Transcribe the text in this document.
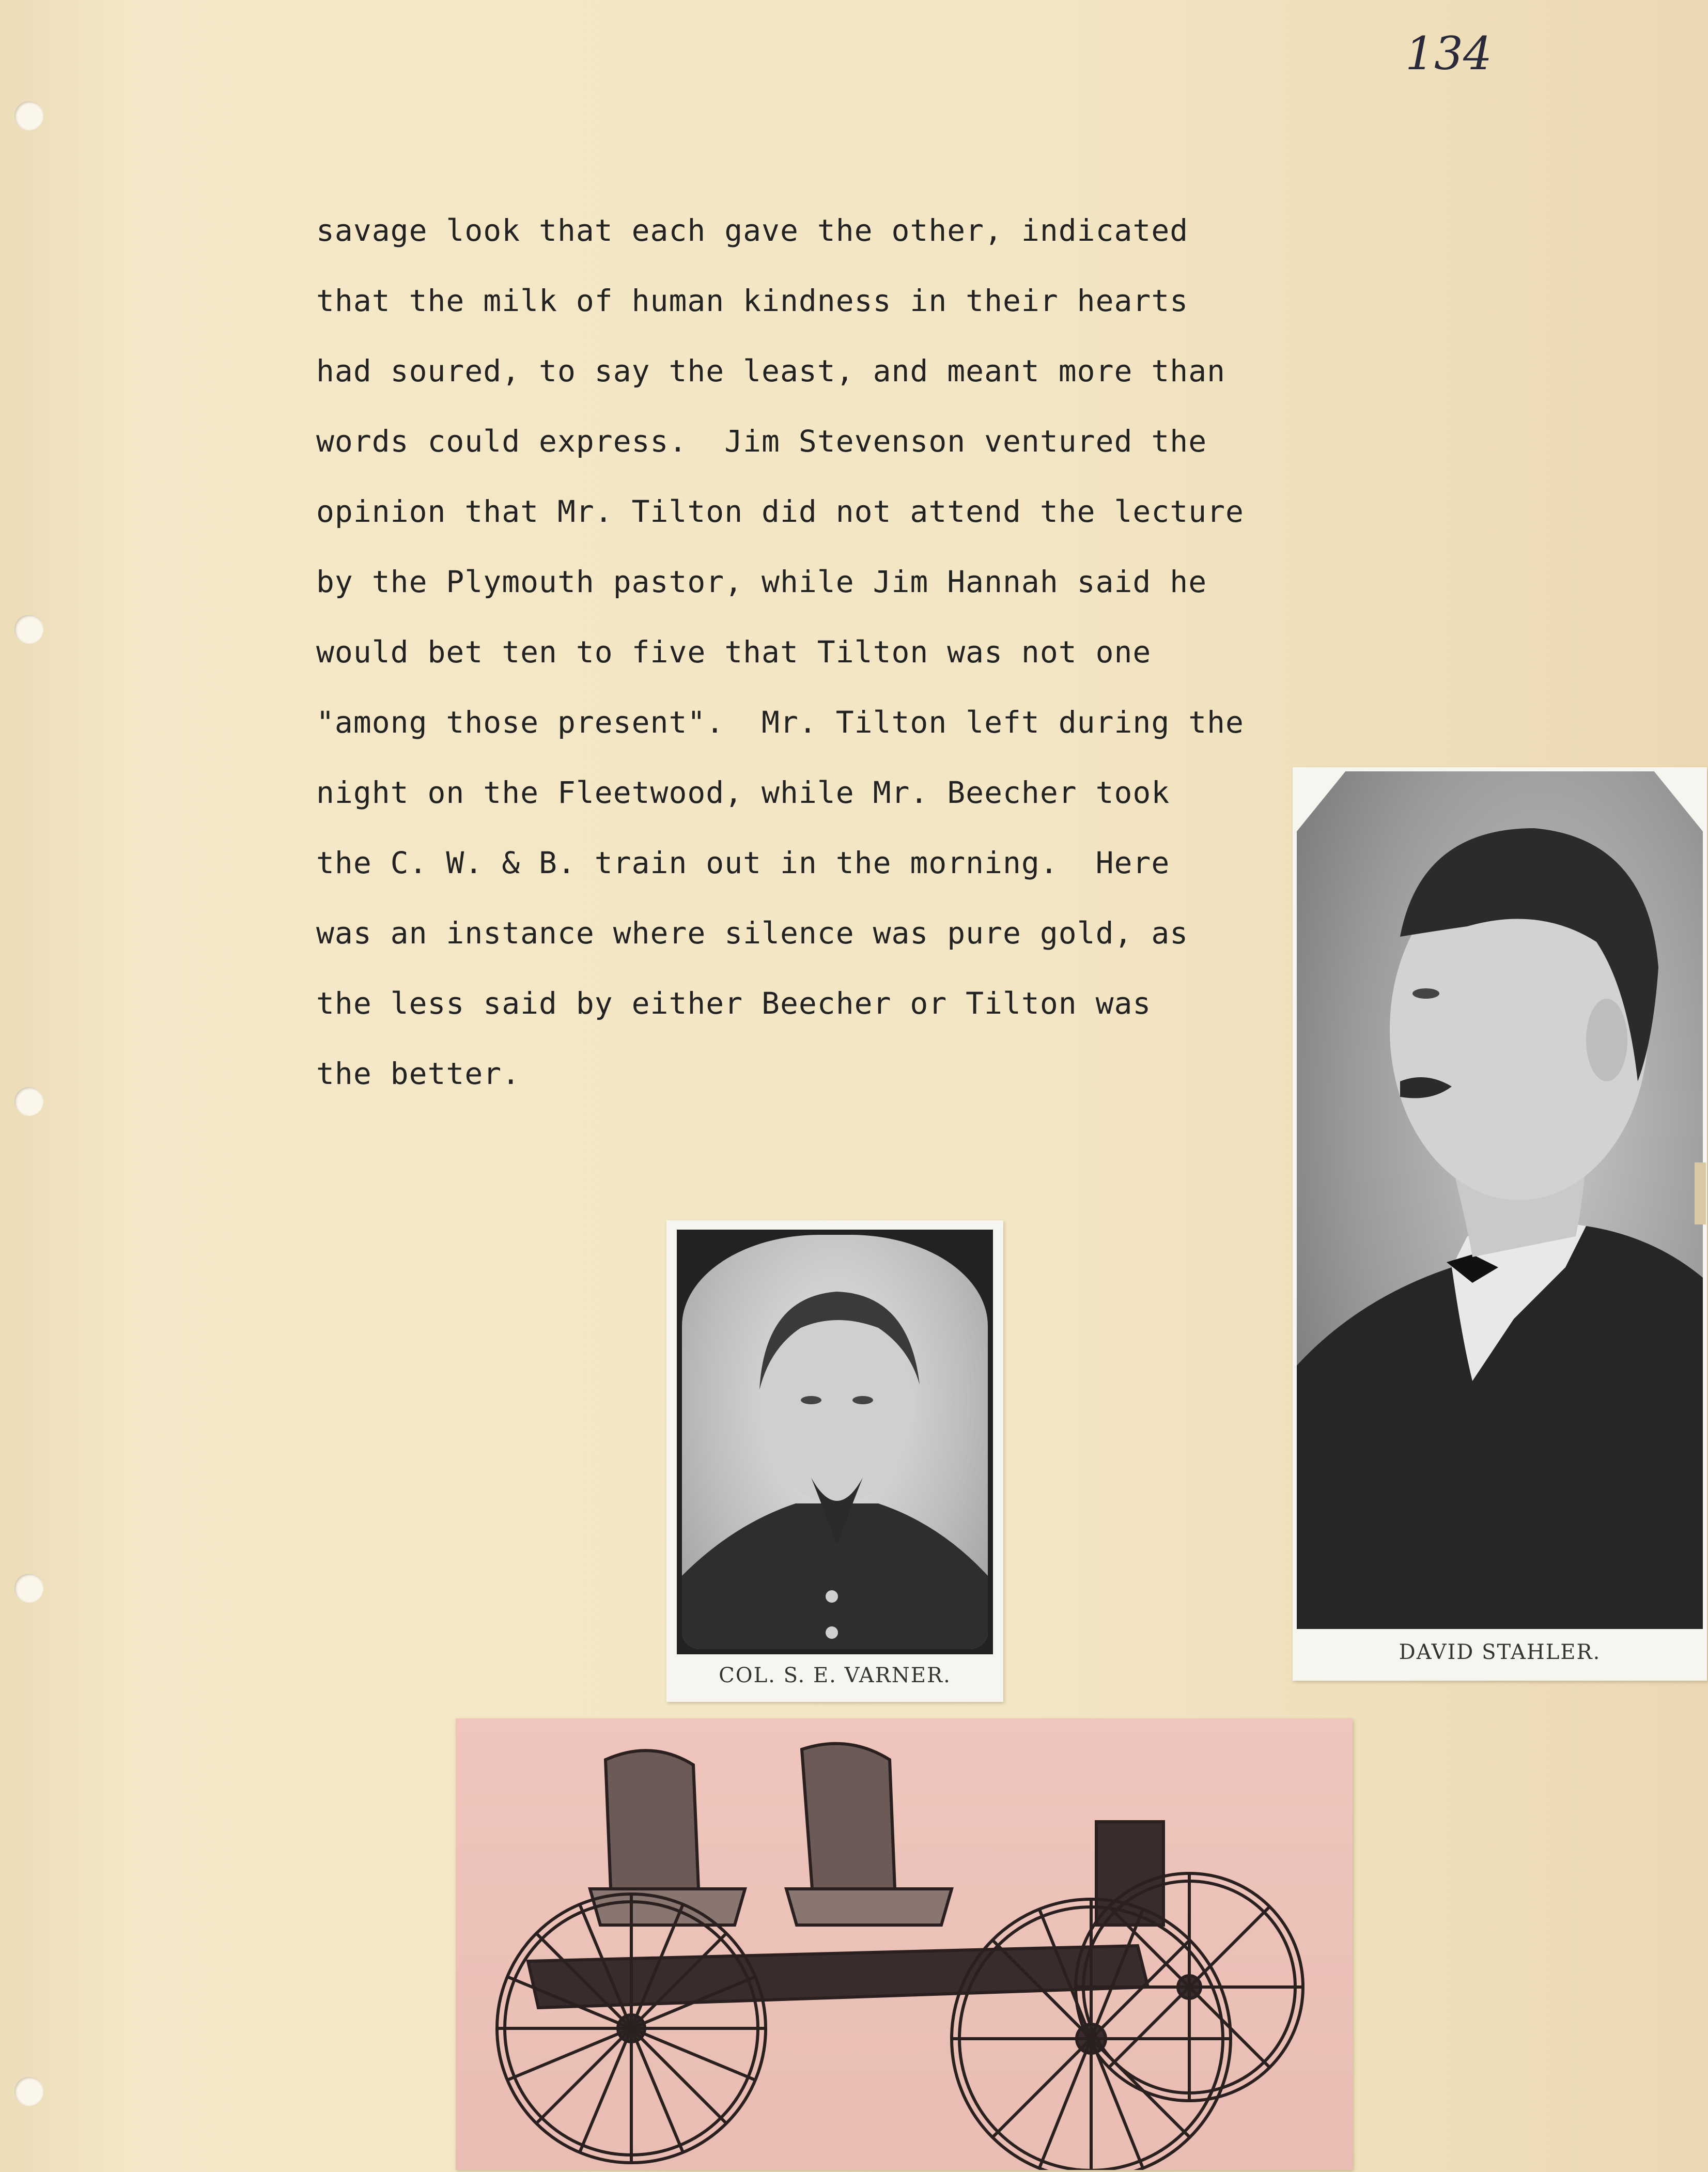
134
savage look that each gave the other, indicated
that the milk of human kindness in their hearts
had soured, to say the least, and meant more than
words could express.  Jim Stevenson ventured the
opinion that Mr. Tilton did not attend the lecture
by the Plymouth pastor, while Jim Hannah said he
would bet ten to five that Tilton was not one
"among those present".  Mr. Tilton left during the
night on the Fleetwood, while Mr. Beecher took
the C. W. & B. train out in the morning.  Here
was an instance where silence was pure gold, as
the less said by either Beecher or Tilton was
the better.
DAVID STAHLER.
COL. S. E. VARNER.
